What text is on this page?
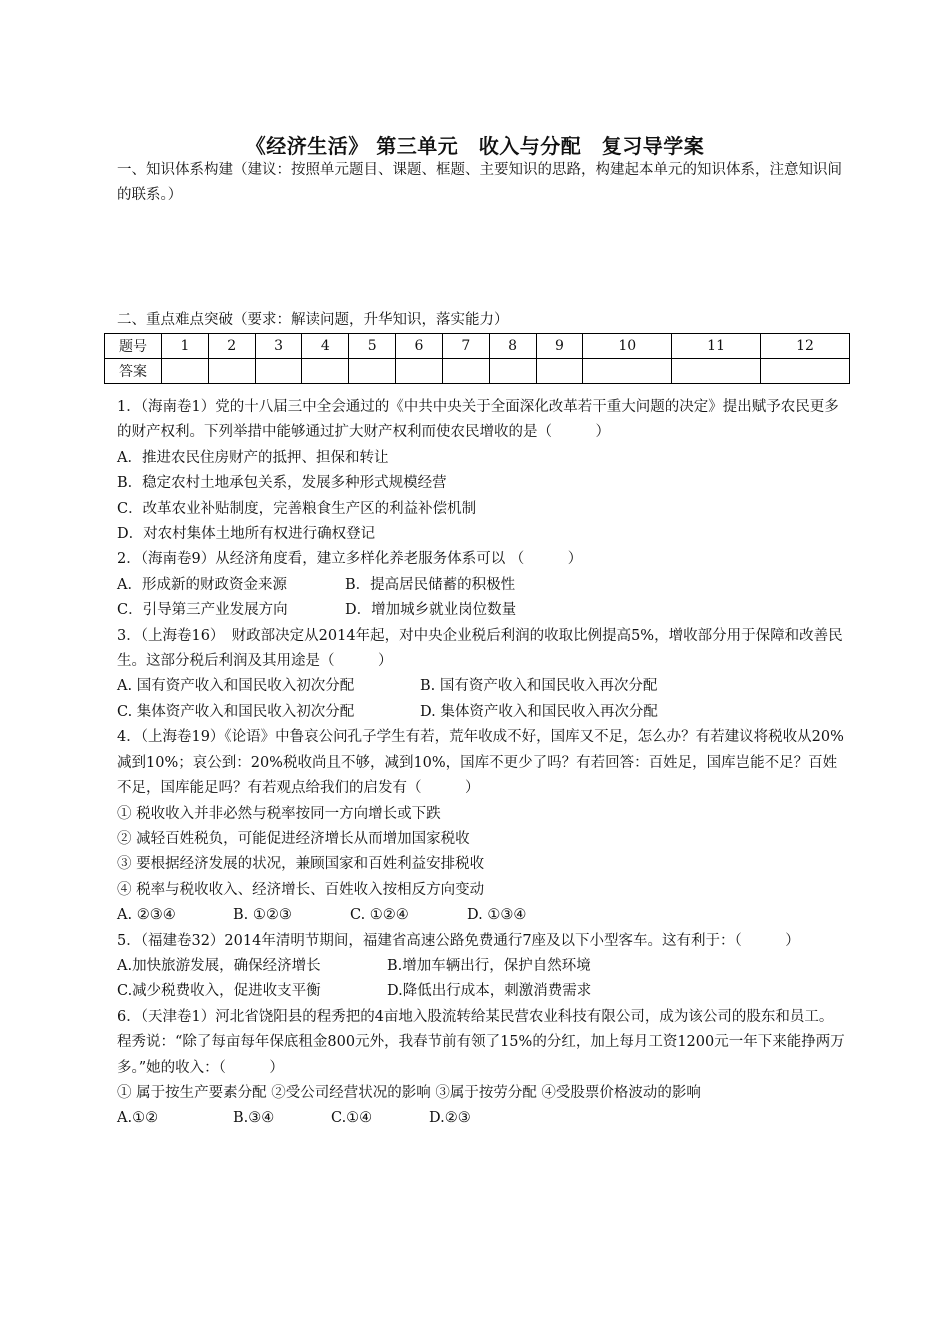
《经济生活》 第三单元　收入与分配　复习导学案
一、知识体系构建（建议：按照单元题目、课题、框题、主要知识的思路，构建起本单元的知识体系，注意知识间的联系。）
二、重点难点突破（要求：解读问题，升华知识，落实能力）
题号	1	2	3	4	5	6	7	8	9	10	11	12
答案												

1．（海南卷1）党的十八届三中全会通过的《中共中央关于全面深化改革若干重大问题的决定》提出赋予农民更多的财产权利。下列举措中能够通过扩大财产权利而使农民增收的是（　　　）

A．推进农民住房财产的抵押、担保和转让

B．稳定农村土地承包关系，发展多种形式规模经营

C．改革农业补贴制度，完善粮食生产区的利益补偿机制

D．对农村集体土地所有权进行确权登记

2．（海南卷9）从经济角度看，建立多样化养老服务体系可以 （　　　）

A．形成新的财政资金来源	B．提高居民储蓄的积极性

C．引导第三产业发展方向	D．增加城乡就业岗位数量

3．（上海卷16）　财政部决定从2014年起，对中央企业税后利润的收取比例提高5%，增收部分用于保障和改善民生。这部分税后利润及其用途是（　　　）

A. 国有资产收入和国民收入初次分配	B. 国有资产收入和国民收入再次分配

C. 集体资产收入和国民收入初次分配	D. 集体资产收入和国民收入再次分配

4．（上海卷19）《论语》中鲁哀公问孔子学生有若，荒年收成不好，国库又不足，怎么办？有若建议将税收从20%减到10%；哀公到：20%税收尚且不够，减到10%，国库不更少了吗？有若回答：百姓足，国库岂能不足？百姓不足，国库能足吗？有若观点给我们的启发有（　　　）

① 税收收入并非必然与税率按同一方向增长或下跌

② 减轻百姓税负，可能促进经济增长从而增加国家税收

③ 要根据经济发展的状况，兼顾国家和百姓利益安排税收

④ 税率与税收收入、经济增长、百姓收入按相反方向变动

A. ②③④	B. ①②③	C. ①②④	D. ①③④

5．（福建卷32）2014年清明节期间，福建省高速公路免费通行7座及以下小型客车。这有利于：（　　　）

A.加快旅游发展，确保经济增长	B.增加车辆出行，保护自然环境

C.减少税费收入，促进收支平衡	D.降低出行成本，刺激消费需求

6．（天津卷1）河北省饶阳县的程秀把的4亩地入股流转给某民营农业科技有限公司，成为该公司的股东和员工。程秀说：“除了每亩每年保底租金800元外，我春节前有领了15%的分红，加上每月工资1200元一年下来能挣两万多。”她的收入：（　　　）

① 属于按生产要素分配 ②受公司经营状况的影响 ③属于按劳分配 ④受股票价格波动的影响

A.①②	B.③④	C.①④	D.②③
